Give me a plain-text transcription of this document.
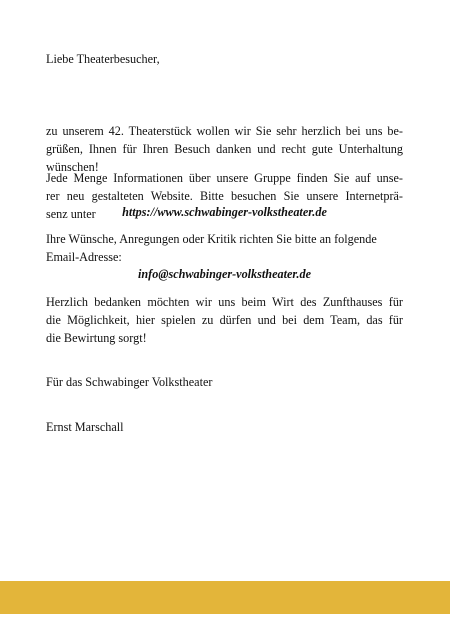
Liebe Theaterbesucher,
zu unserem 42. Theaterstück wollen wir Sie sehr herzlich bei uns be-
grüßen, Ihnen für Ihren Besuch danken und recht gute Unterhaltung
wünschen!
Jede Menge Informationen über unsere Gruppe finden Sie auf unse-
rer neu gestalteten Website. Bitte besuchen Sie unsere Internetprä-
senz unter	https://www.schwabinger-volkstheater.de
Ihre Wünsche, Anregungen oder Kritik richten Sie bitte an folgende
Email-Adresse:
info@schwabinger-volkstheater.de
Herzlich bedanken möchten wir uns beim Wirt des Zunfthauses für
die Möglichkeit, hier spielen zu dürfen und bei dem Team, das für
die Bewirtung sorgt!
Für das Schwabinger Volkstheater
Ernst Marschall
